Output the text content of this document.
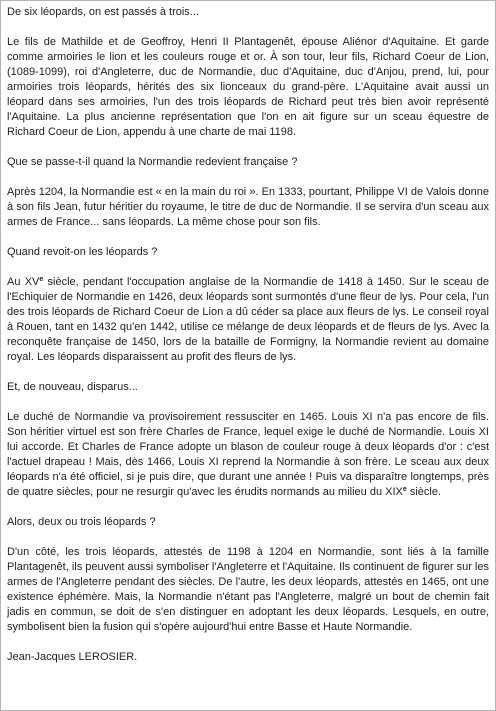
De six léopards, on est passés à trois...

Le fils de Mathilde et de Geoffroy, Henri II Plantagenêt, épouse Aliénor d'Aquitaine. Et garde comme armoiries le lion et les couleurs rouge et or. À son tour, leur fils, Richard Coeur de Lion, (1089-1099), roi d'Angleterre, duc de Normandie, duc d'Aquitaine, duc d'Anjou, prend, lui, pour armoiries trois léopards, hérités des six lionceaux du grand-père. L'Aquitaine avait aussi un léopard dans ses armoiries, l'un des trois léopards de Richard peut très bien avoir représenté l'Aquitaine. La plus ancienne représentation que l'on en ait figure sur un sceau équestre de Richard Coeur de Lion, appendu à une charte de mai 1198.

Que se passe-t-il quand la Normandie redevient française ?

Après 1204, la Normandie est « en la main du roi ». En 1333, pourtant, Philippe VI de Valois donne à son fils Jean, futur héritier du royaume, le titre de duc de Normandie. Il se servira d'un sceau aux armes de France... sans léopards. La même chose pour son fils.

Quand revoit-on les léopards ?

Au XVe siècle, pendant l'occupation anglaise de la Normandie de 1418 à 1450. Sur le sceau de l'Echiquier de Normandie en 1426, deux léopards sont surmontés d'une fleur de lys. Pour cela, l'un des trois léopards de Richard Coeur de Lion a dû céder sa place aux fleurs de lys. Le conseil royal à Rouen, tant en 1432 qu'en 1442, utilise ce mélange de deux léopards et de fleurs de lys. Avec la reconquête française de 1450, lors de la bataille de Formigny, la Normandie revient au domaine royal. Les léopards disparaissent au profit des fleurs de lys.

Et, de nouveau, disparus...

Le duché de Normandie va provisoirement ressusciter en 1465. Louis XI n'a pas encore de fils. Son héritier virtuel est son frère Charles de France, lequel exige le duché de Normandie. Louis XI lui accorde. Et Charles de France adopte un blason de couleur rouge à deux léopards d'or : c'est l'actuel drapeau ! Mais, dès 1466, Louis XI reprend la Normandie à son frère. Le sceau aux deux léopards n'a été officiel, si je puis dire, que durant une année ! Puis va disparaître longtemps, près de quatre siècles, pour ne resurgir qu'avec les érudits normands au milieu du XIXe siècle.

Alors, deux ou trois léopards ?

D'un côté, les trois léopards, attestés de 1198 à 1204 en Normandie, sont liés à la famille Plantagenêt, ils peuvent aussi symboliser l'Angleterre et l'Aquitaine. Ils continuent de figurer sur les armes de l'Angleterre pendant des siècles. De l'autre, les deux léopards, attestés en 1465, ont une existence éphémère. Mais, la Normandie n'étant pas l'Angleterre, malgré un bout de chemin fait jadis en commun, se doit de s'en distinguer en adoptant les deux léopards. Lesquels, en outre, symbolisent bien la fusion qui s'opère aujourd'hui entre Basse et Haute Normandie.

Jean-Jacques LEROSIER.
